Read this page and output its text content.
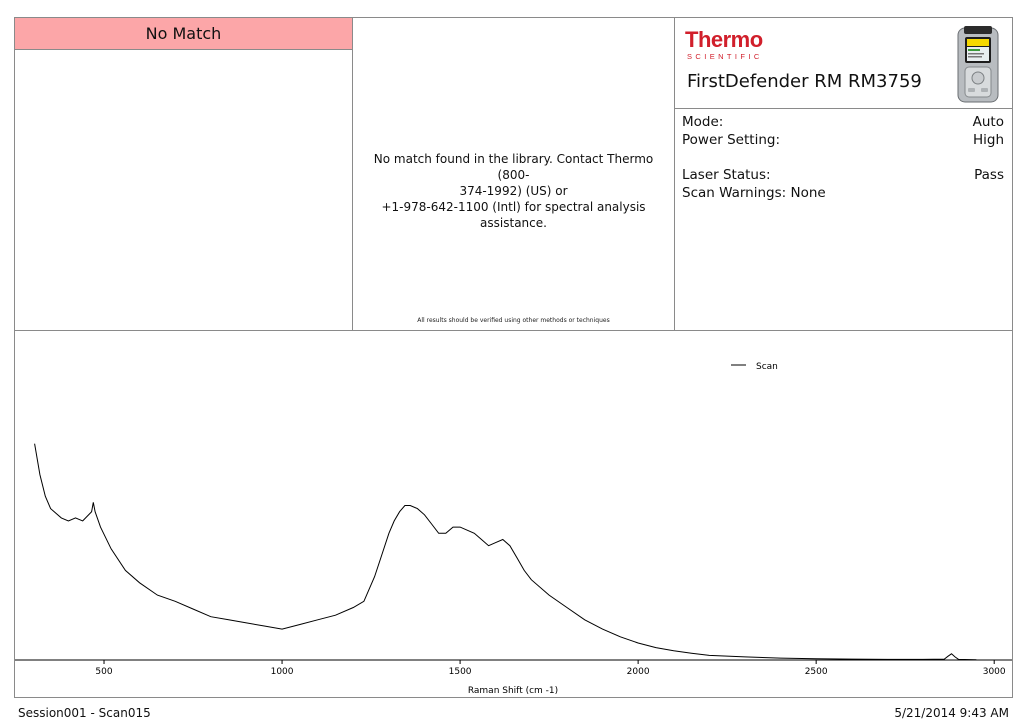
No Match
No match found in the library. Contact Thermo (800-
374-1992) (US) or
+1-978-642-1100 (Intl) for spectral analysis assistance.
All results should be verified using other methods or techniques
Thermo
SCIENTIFIC
FirstDefender RM RM3759
Mode:	Auto
Power Setting:	High
Laser Status:	Pass
Scan Warnings: None
500	1000	1500	2000	2500	3000
Scan
Raman Shift (cm -1)
Session001 - Scan015	5/21/2014 9:43 AM
